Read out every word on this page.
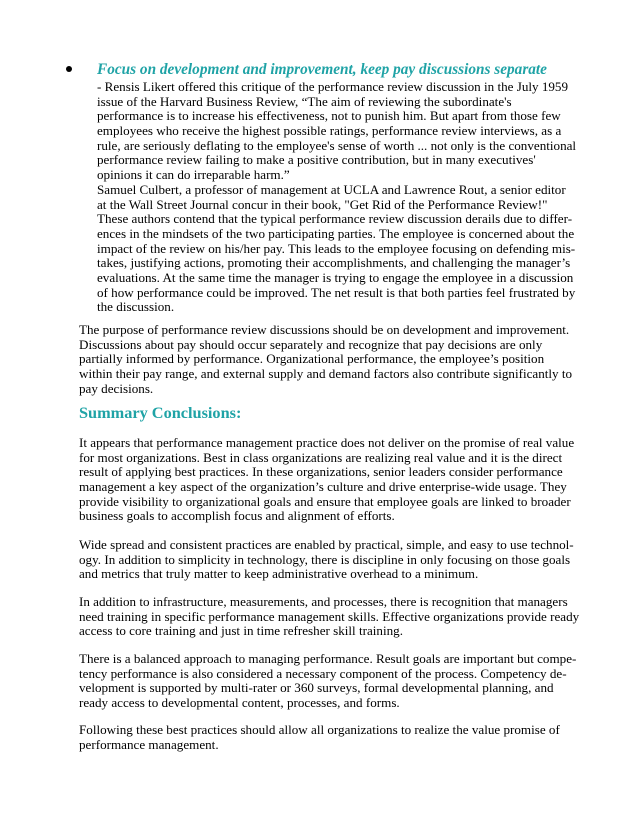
Focus on development and improvement, keep pay discussions separate
- Rensis Likert offered this critique of the performance review discussion in the July 1959
issue of the Harvard Business Review, “The aim of reviewing the subordinate's
performance is to increase his effectiveness, not to punish him. But apart from those few
employees who receive the highest possible ratings, performance review interviews, as a
rule, are seriously deflating to the employee's sense of worth ... not only is the conventional
performance review failing to make a positive contribution, but in many executives'
opinions it can do irreparable harm.”
Samuel Culbert, a professor of management at UCLA and Lawrence Rout, a senior editor
at the Wall Street Journal concur in their book, "Get Rid of the Performance Review!"
These authors contend that the typical performance review discussion derails due to differ-
ences in the mindsets of the two participating parties. The employee is concerned about the
impact of the review on his/her pay. This leads to the employee focusing on defending mis-
takes, justifying actions, promoting their accomplishments, and challenging the manager’s
evaluations. At the same time the manager is trying to engage the employee in a discussion
of how performance could be improved. The net result is that both parties feel frustrated by
the discussion.
The purpose of performance review discussions should be on development and improvement.
Discussions about pay should occur separately and recognize that pay decisions are only
partially informed by performance. Organizational performance, the employee’s position
within their pay range, and external supply and demand factors also contribute significantly to
pay decisions.
Summary Conclusions:
It appears that performance management practice does not deliver on the promise of real value
for most organizations. Best in class organizations are realizing real value and it is the direct
result of applying best practices. In these organizations, senior leaders consider performance
management a key aspect of the organization’s culture and drive enterprise-wide usage. They
provide visibility to organizational goals and ensure that employee goals are linked to broader
business goals to accomplish focus and alignment of efforts.
Wide spread and consistent practices are enabled by practical, simple, and easy to use technol-
ogy. In addition to simplicity in technology, there is discipline in only focusing on those goals
and metrics that truly matter to keep administrative overhead to a minimum.
In addition to infrastructure, measurements, and processes, there is recognition that managers
need training in specific performance management skills. Effective organizations provide ready
access to core training and just in time refresher skill training.
There is a balanced approach to managing performance. Result goals are important but compe-
tency performance is also considered a necessary component of the process. Competency de-
velopment is supported by multi-rater or 360 surveys, formal developmental planning, and
ready access to developmental content, processes, and forms.
Following these best practices should allow all organizations to realize the value promise of
performance management.
